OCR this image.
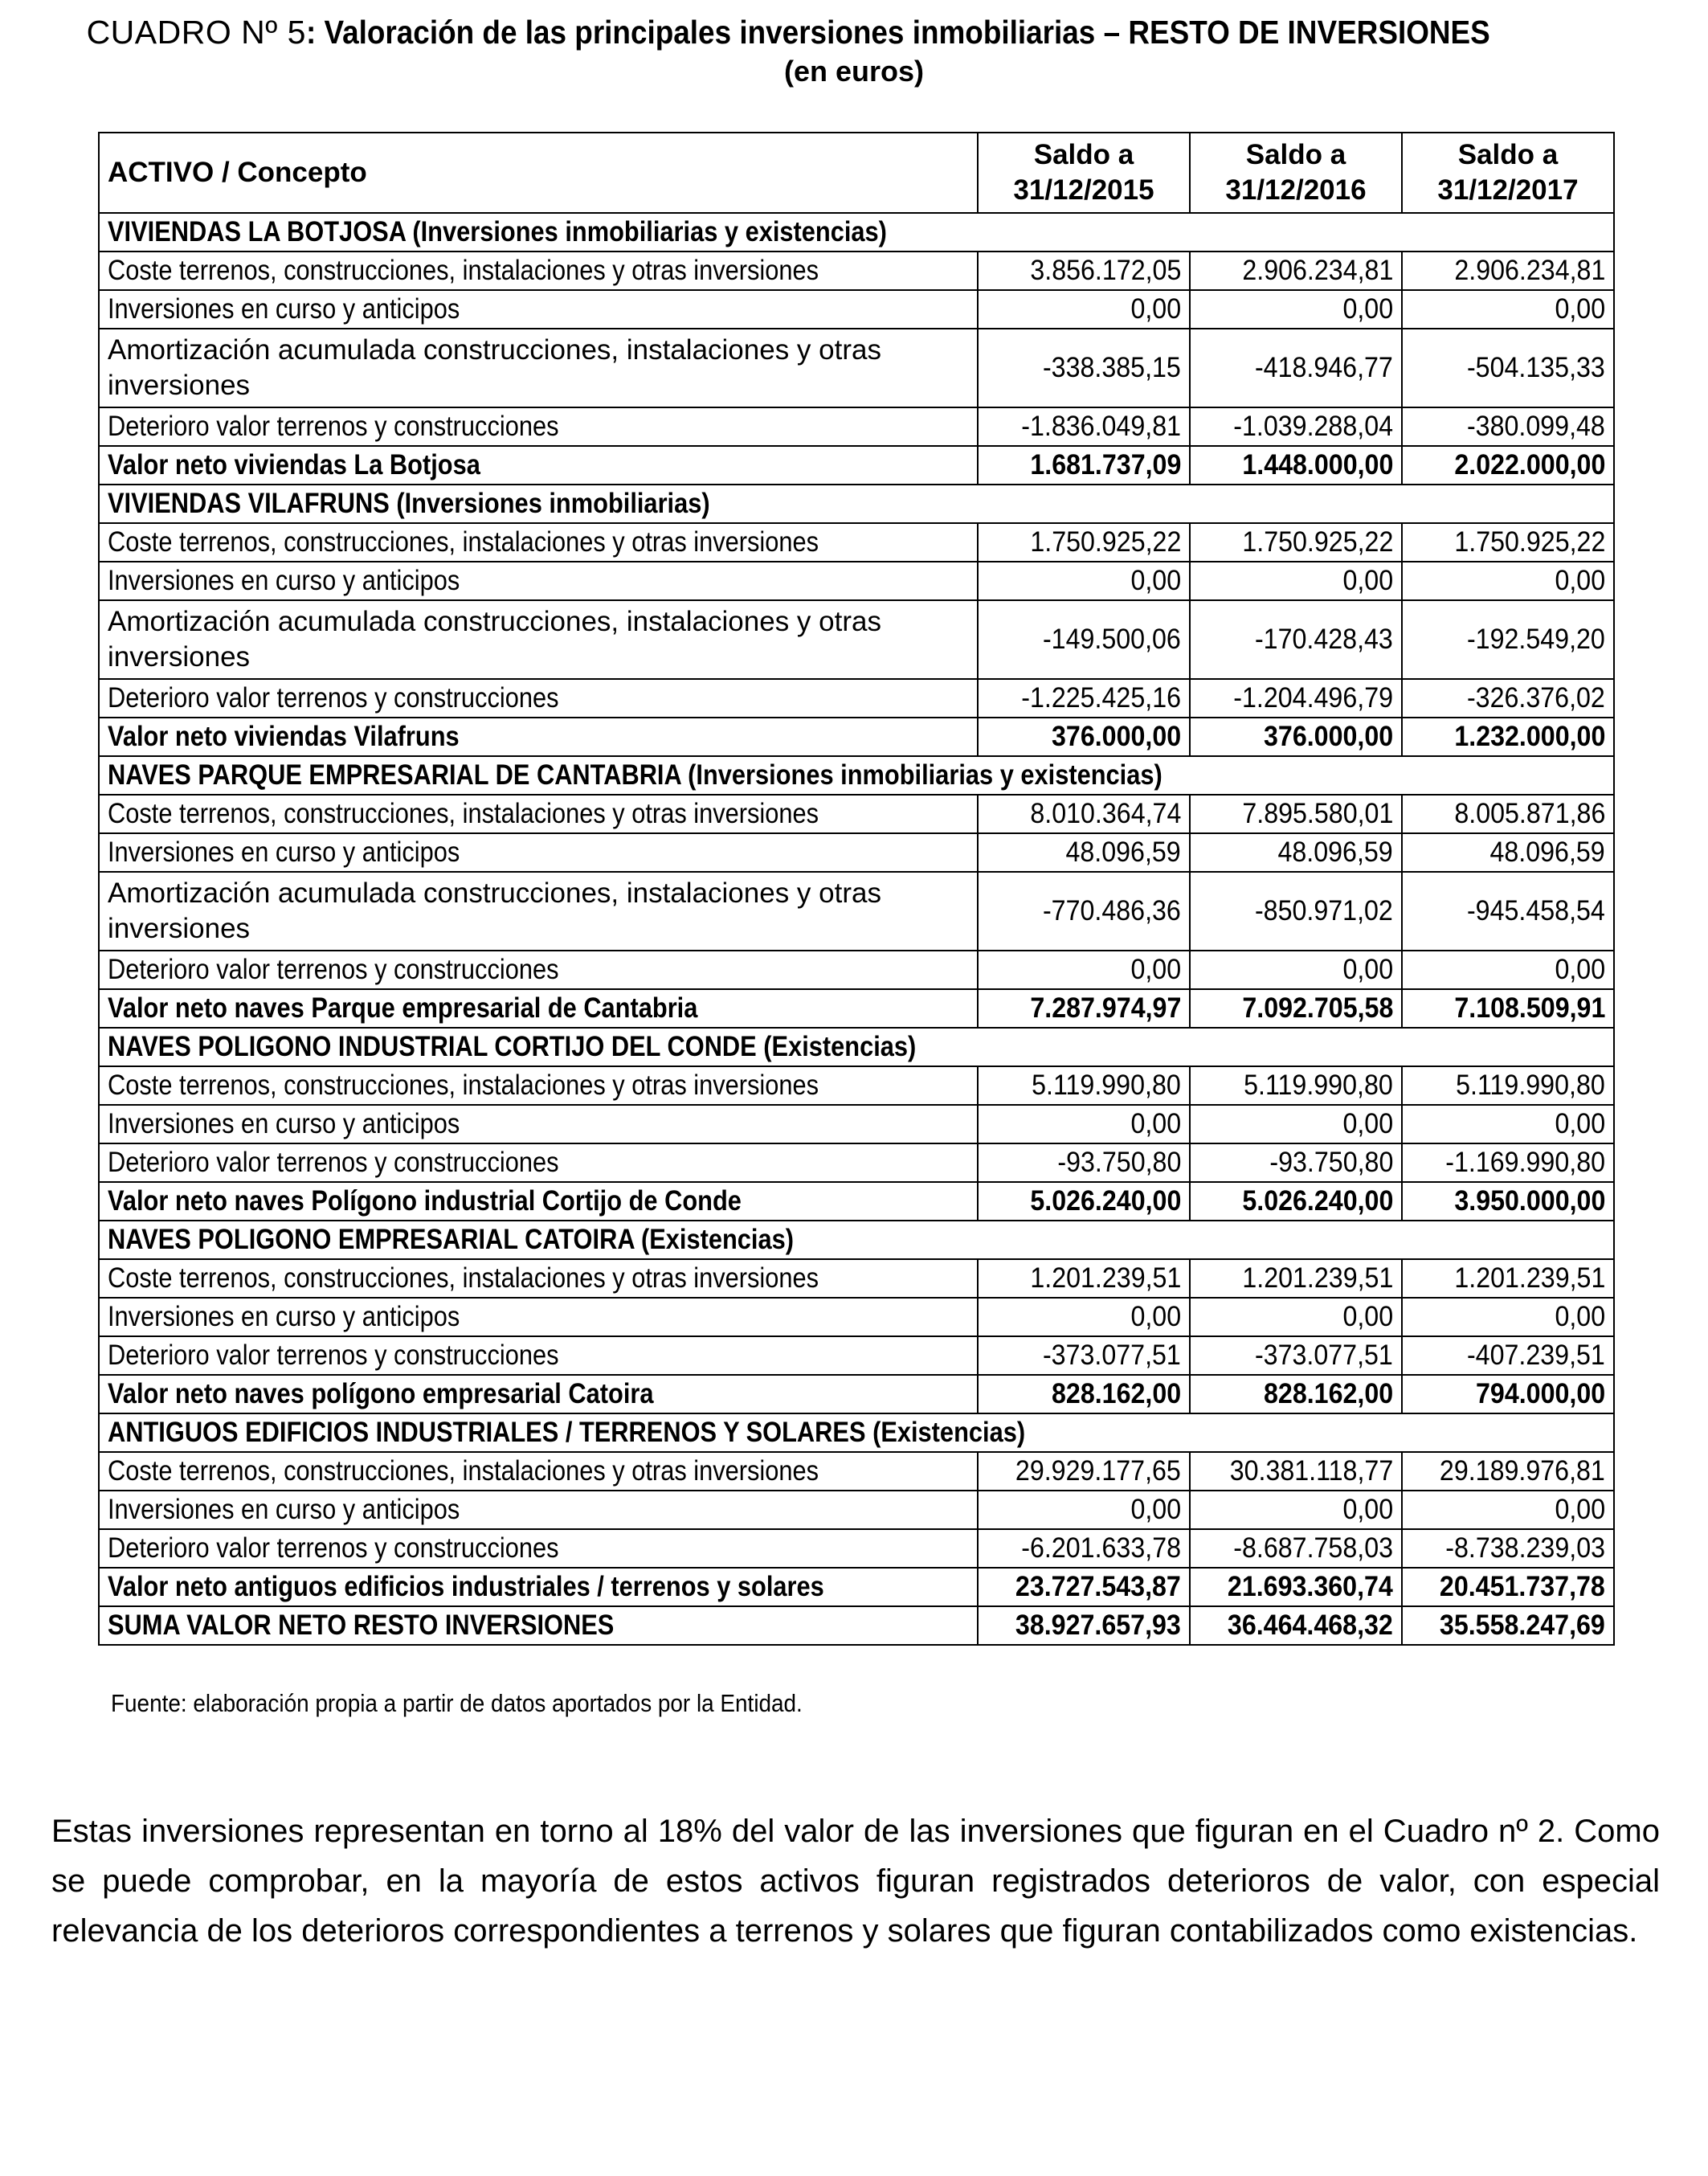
CUADRO Nº 5: Valoración de las principales inversiones inmobiliarias – RESTO DE INVERSIONES
(en euros)
ACTIVO / Concepto	Saldo a 31/12/2015	Saldo a 31/12/2016	Saldo a 31/12/2017
VIVIENDAS LA BOTJOSA (Inversiones inmobiliarias y existencias)			
Coste terrenos, construcciones, instalaciones y otras inversiones	3.856.172,05	2.906.234,81	2.906.234,81
Inversiones en curso y anticipos	0,00	0,00	0,00
Amortización acumulada construcciones, instalaciones y otras inversiones	-338.385,15	-418.946,77	-504.135,33
Deterioro valor terrenos y construcciones	-1.836.049,81	-1.039.288,04	-380.099,48
Valor neto viviendas La Botjosa	1.681.737,09	1.448.000,00	2.022.000,00
VIVIENDAS VILAFRUNS (Inversiones inmobiliarias)			
Coste terrenos, construcciones, instalaciones y otras inversiones	1.750.925,22	1.750.925,22	1.750.925,22
Inversiones en curso y anticipos	0,00	0,00	0,00
Amortización acumulada construcciones, instalaciones y otras inversiones	-149.500,06	-170.428,43	-192.549,20
Deterioro valor terrenos y construcciones	-1.225.425,16	-1.204.496,79	-326.376,02
Valor neto viviendas Vilafruns	376.000,00	376.000,00	1.232.000,00
NAVES PARQUE EMPRESARIAL DE CANTABRIA (Inversiones inmobiliarias y existencias)			
Coste terrenos, construcciones, instalaciones y otras inversiones	8.010.364,74	7.895.580,01	8.005.871,86
Inversiones en curso y anticipos	48.096,59	48.096,59	48.096,59
Amortización acumulada construcciones, instalaciones y otras inversiones	-770.486,36	-850.971,02	-945.458,54
Deterioro valor terrenos y construcciones	0,00	0,00	0,00
Valor neto naves Parque empresarial de Cantabria	7.287.974,97	7.092.705,58	7.108.509,91
NAVES POLIGONO INDUSTRIAL CORTIJO DEL CONDE (Existencias)			
Coste terrenos, construcciones, instalaciones y otras inversiones	5.119.990,80	5.119.990,80	5.119.990,80
Inversiones en curso y anticipos	0,00	0,00	0,00
Deterioro valor terrenos y construcciones	-93.750,80	-93.750,80	-1.169.990,80
Valor neto naves Polígono industrial Cortijo de Conde	5.026.240,00	5.026.240,00	3.950.000,00
NAVES POLIGONO EMPRESARIAL CATOIRA (Existencias)			
Coste terrenos, construcciones, instalaciones y otras inversiones	1.201.239,51	1.201.239,51	1.201.239,51
Inversiones en curso y anticipos	0,00	0,00	0,00
Deterioro valor terrenos y construcciones	-373.077,51	-373.077,51	-407.239,51
Valor neto naves polígono empresarial Catoira	828.162,00	828.162,00	794.000,00
ANTIGUOS EDIFICIOS INDUSTRIALES / TERRENOS Y SOLARES (Existencias)			
Coste terrenos, construcciones, instalaciones y otras inversiones	29.929.177,65	30.381.118,77	29.189.976,81
Inversiones en curso y anticipos	0,00	0,00	0,00
Deterioro valor terrenos y construcciones	-6.201.633,78	-8.687.758,03	-8.738.239,03
Valor neto antiguos edificios industriales / terrenos y solares	23.727.543,87	21.693.360,74	20.451.737,78
SUMA VALOR NETO RESTO INVERSIONES	38.927.657,93	36.464.468,32	35.558.247,69
Fuente: elaboración propia a partir de datos aportados por la Entidad.
Estas inversiones representan en torno al 18% del valor de las inversiones que figuran en el Cuadro nº 2. Como se puede comprobar, en la mayoría de estos activos figuran registrados deterioros de valor, con especial relevancia de los deterioros correspondientes a terrenos y solares que figuran contabilizados como existencias.
